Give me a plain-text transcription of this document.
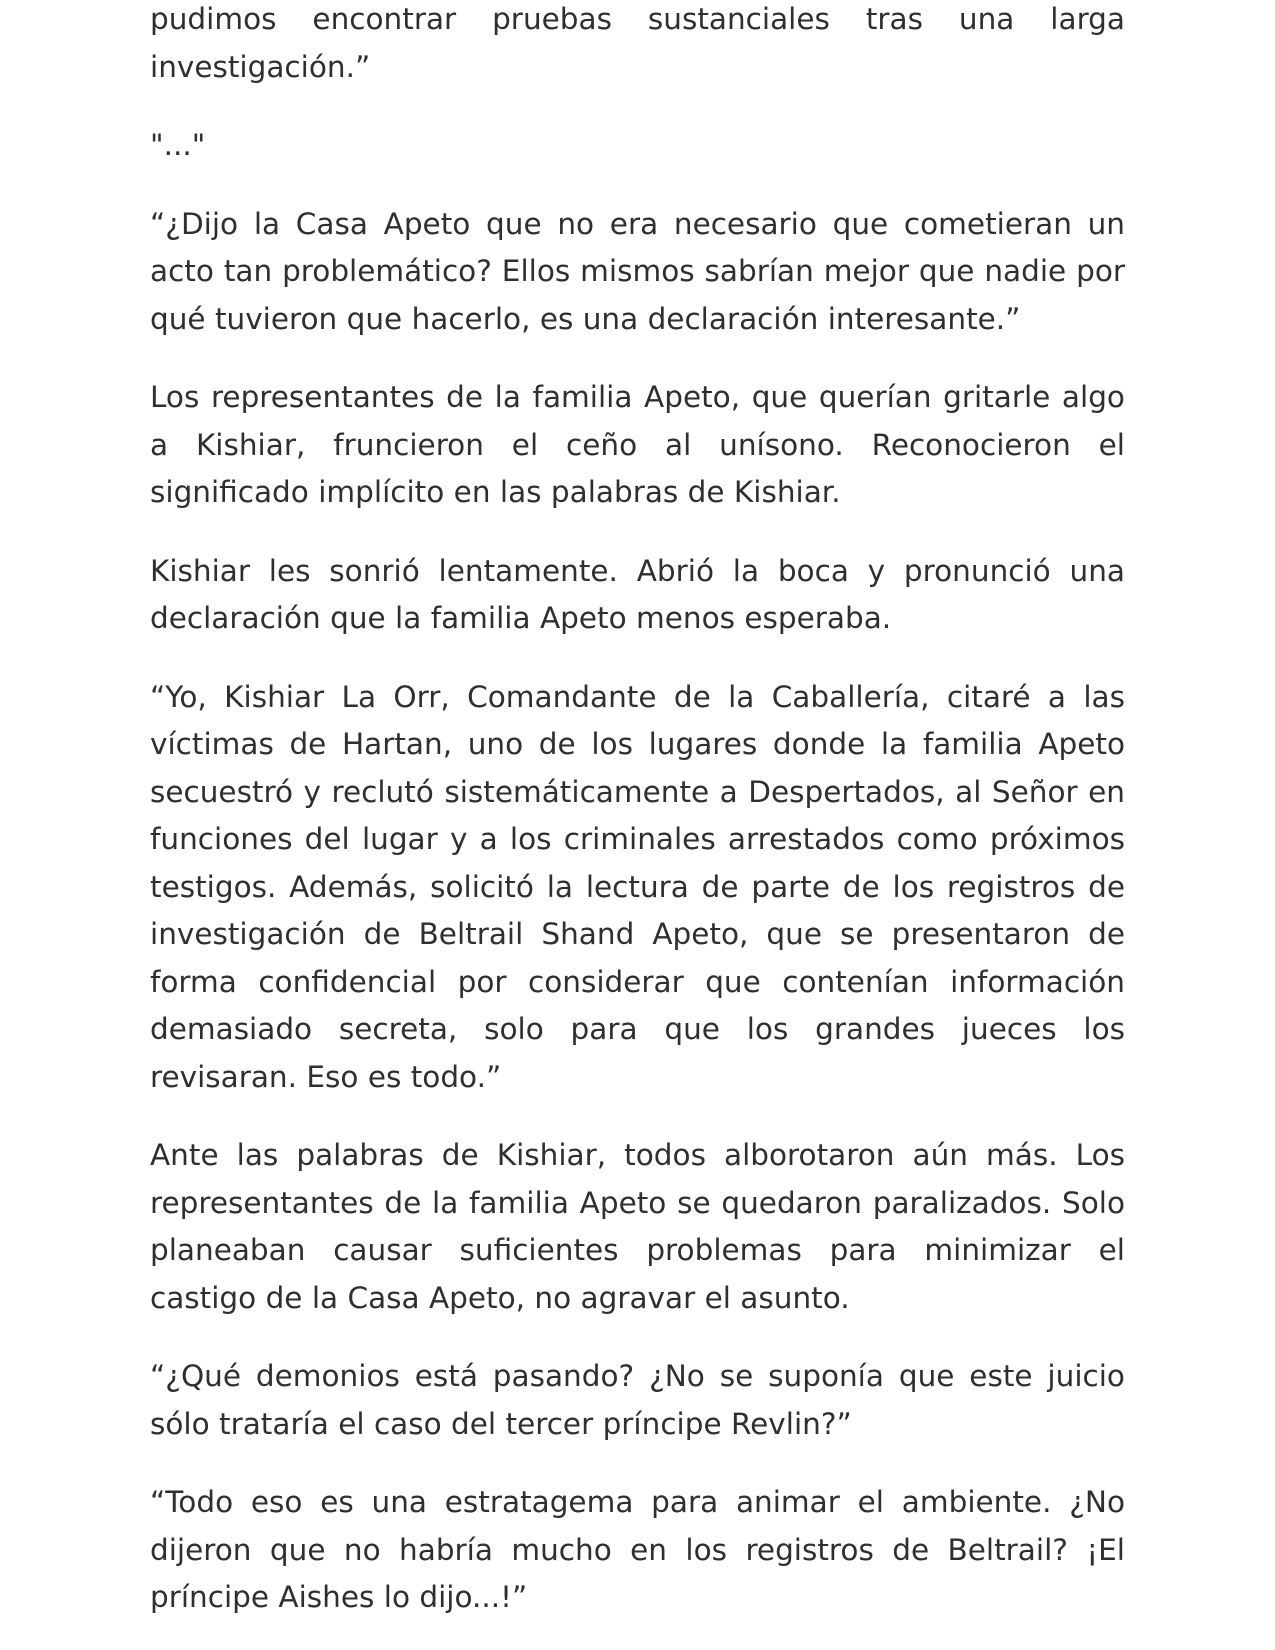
pudimos encontrar pruebas sustanciales tras una larga investigación.”

"..."

“¿Dijo la Casa Apeto que no era necesario que cometieran un acto tan problemático? Ellos mismos sabrían mejor que nadie por qué tuvieron que hacerlo, es una declaración interesante.”

Los representantes de la familia Apeto, que querían gritarle algo a Kishiar, fruncieron el ceño al unísono. Reconocieron el significado implícito en las palabras de Kishiar.

Kishiar les sonrió lentamente. Abrió la boca y pronunció una declaración que la familia Apeto menos esperaba.

“Yo, Kishiar La Orr, Comandante de la Caballería, citaré a las víctimas de Hartan, uno de los lugares donde la familia Apeto secuestró y reclutó sistemáticamente a Despertados, al Señor en funciones del lugar y a los criminales arrestados como próximos testigos. Además, solicitó la lectura de parte de los registros de investigación de Beltrail Shand Apeto, que se presentaron de forma confidencial por considerar que contenían información demasiado secreta, solo para que los grandes jueces los revisaran. Eso es todo.”

Ante las palabras de Kishiar, todos alborotaron aún más. Los representantes de la familia Apeto se quedaron paralizados. Solo planeaban causar suficientes problemas para minimizar el castigo de la Casa Apeto, no agravar el asunto.

“¿Qué demonios está pasando? ¿No se suponía que este juicio sólo trataría el caso del tercer príncipe Revlin?”

“Todo eso es una estratagema para animar el ambiente. ¿No dijeron que no habría mucho en los registros de Beltrail? ¡El príncipe Aishes lo dijo...!”
